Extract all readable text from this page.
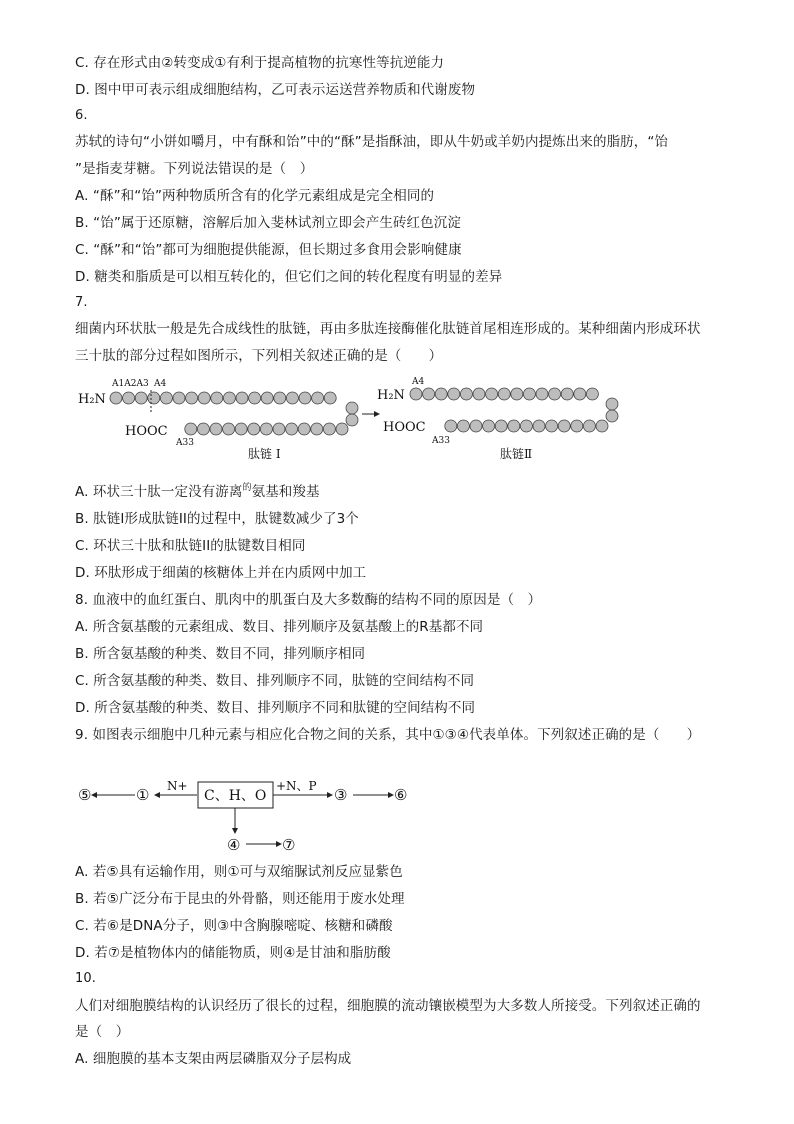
C. 存在形式由②转变成①有利于提高植物的抗寒性等抗逆能力
D. 图中甲可表示组成细胞结构，乙可表示运送营养物质和代谢废物
6.
苏轼的诗句“小饼如嚼月，中有酥和饴”中的“酥”是指酥油，即从牛奶或羊奶内提炼出来的脂肪，“饴
”是指麦芽糖。下列说法错误的是（　）
A. “酥”和“饴”两种物质所含有的化学元素组成是完全相同的
B. “饴”属于还原糖，溶解后加入斐林试剂立即会产生砖红色沉淀
C. “酥”和“饴”都可为细胞提供能源，但长期过多食用会影响健康
D. 糖类和脂质是可以相互转化的，但它们之间的转化程度有明显的差异
7.
细菌内环状肽一般是先合成线性的肽链，再由多肽连接酶催化肽链首尾相连形成的。某种细菌内形成环状
三十肽的部分过程如图所示，下列相关叙述正确的是（　　）
H₂N
A1A2A3 A4
HOOC
A33
肽链 I
H₂N
A4
HOOC
A33
肽链Ⅱ
A. 环状三十肽一定没有游离$^的$氨基和羧基
B. 肽链I形成肽链II的过程中，肽键数减少了3个
C. 环状三十肽和肽链II的肽键数目相同
D. 环肽形成于细菌的核糖体上并在内质网中加工
8. 血液中的血红蛋白、肌肉中的肌蛋白及大多数酶的结构不同的原因是（　）
A. 所含氨基酸的元素组成、数目、排列顺序及氨基酸上的R基都不同
B. 所含氨基酸的种类、数目不同，排列顺序相同
C. 所含氨基酸的种类、数目、排列顺序不同，肽链的空间结构不同
D. 所含氨基酸的种类、数目、排列顺序不同和肽键的空间结构不同
9. 如图表示细胞中几种元素与相应化合物之间的关系，其中①③④代表单体。下列叙述正确的是（　　）
⑤	① N+
C、H、O
+N、P ③	⑥
④	⑦
A. 若⑤具有运输作用，则①可与双缩脲试剂反应显紫色
B. 若⑤广泛分布于昆虫的外骨骼，则还能用于废水处理
C. 若⑥是DNA分子，则③中含胸腺嘧啶、核糖和磷酸
D. 若⑦是植物体内的储能物质，则④是甘油和脂肪酸
10.
人们对细胞膜结构的认识经历了很长的过程，细胞膜的流动镶嵌模型为大多数人所接受。下列叙述正确的
是（　）
A. 细胞膜的基本支架由两层磷脂双分子层构成
